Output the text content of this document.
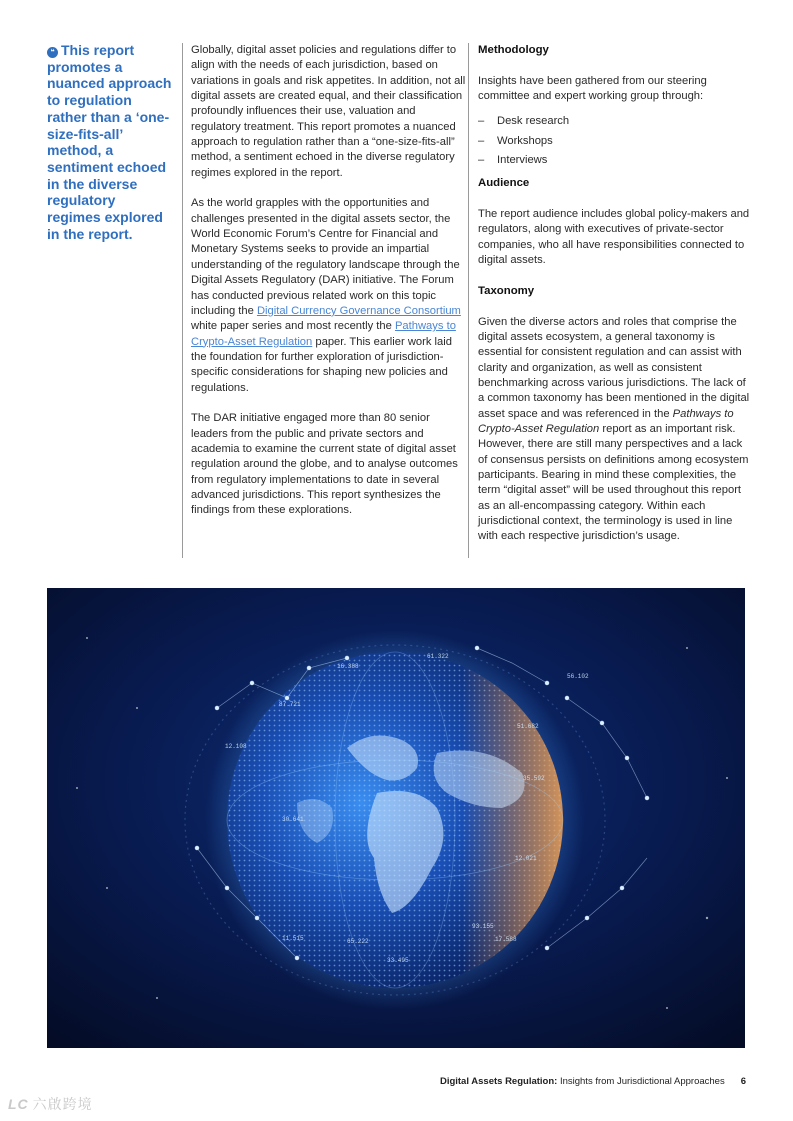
❝ This report promotes a nuanced approach to regulation rather than a ‘one-size-fits-all’ method, a sentiment echoed in the diverse regulatory regimes explored in the report.

Globally, digital asset policies and regulations differ to align with the needs of each jurisdiction, based on variations in goals and risk appetites. In addition, not all digital assets are created equal, and their classification profoundly influences their use, valuation and regulatory treatment. This report promotes a nuanced approach to regulation rather than a “one-size-fits-all” method, a sentiment echoed in the diverse regulatory regimes explored in the report.

As the world grapples with the opportunities and challenges presented in the digital assets sector, the World Economic Forum’s Centre for Financial and Monetary Systems seeks to provide an impartial understanding of the regulatory landscape through the Digital Assets Regulatory (DAR) initiative. The Forum has conducted previous related work on this topic including the Digital Currency Governance Consortium white paper series and most recently the Pathways to Crypto-Asset Regulation paper. This earlier work laid the foundation for further exploration of jurisdiction-specific considerations for shaping new policies and regulations.

The DAR initiative engaged more than 80 senior leaders from the public and private sectors and academia to examine the current state of digital asset regulation around the globe, and to analyse outcomes from regulatory implementations to date in several advanced jurisdictions. This report synthesizes the findings from these explorations.

Methodology

Insights have been gathered from our steering committee and expert working group through:

– Desk research
– Workshops
– Interviews
Audience

The report audience includes global policy-makers and regulators, along with executives of private-sector companies, who all have responsibilities connected to digital assets.

Taxonomy

Given the diverse actors and roles that comprise the digital assets ecosystem, a general taxonomy is essential for consistent regulation and can assist with clarity and organization, as well as consistent benchmarking across various jurisdictions. The lack of a common taxonomy has been mentioned in the digital asset space and was referenced in the Pathways to Crypto-Asset Regulation report as an important risk. However, there are still many perspectives and a lack of consensus persists on definitions among ecosystem participants. Bearing in mind these complexities, the term “digital asset” will be used throughout this report as an all-encompassing category. Within each jurisdictional context, the terminology is used in line with each respective jurisdiction’s usage.

16.388
87.721
12.108
61.322
51.682
56.102
35.592
11.515	65.222
33.495
93.155
17.588
30.641
12.021
Digital Assets Regulation: Insights from Jurisdictional Approaches 6
LC 六啟跨境
